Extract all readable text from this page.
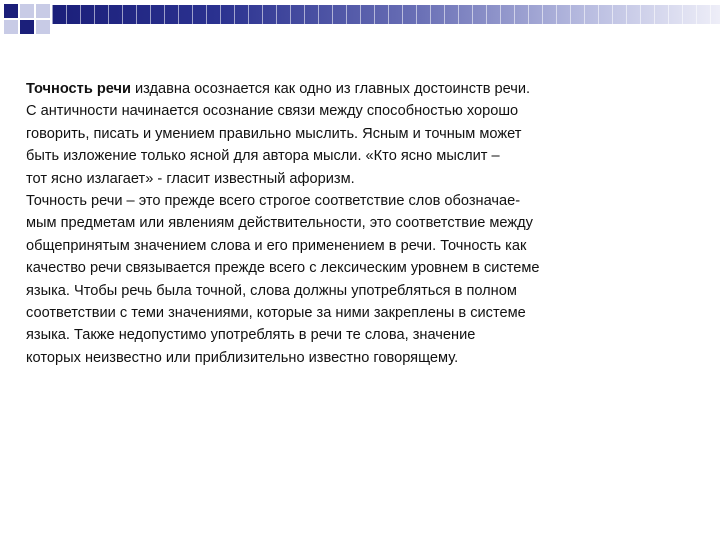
Точность речи издавна осознается как одно из главных достоинств речи.
С античности начинается осознание связи между способностью хорошо
говорить, писать и умением правильно мыслить. Ясным и точным может
быть изложение только ясной для автора мысли. «Кто ясно мыслит –
тот ясно излагает» - гласит известный афоризм.
Точность речи – это прежде всего строгое соответствие слов обозначае-
мым предметам или явлениям действительности, это соответствие между
общепринятым значением слова и его применением в речи. Точность как
качество речи связывается прежде всего с лексическим уровнем в системе
языка. Чтобы речь была точной, слова должны употребляться в полном
соответствии с теми значениями, которые за ними закреплены в системе
языка. Также недопустимо употреблять в речи те слова, значение
которых неизвестно или приблизительно известно говорящему.
